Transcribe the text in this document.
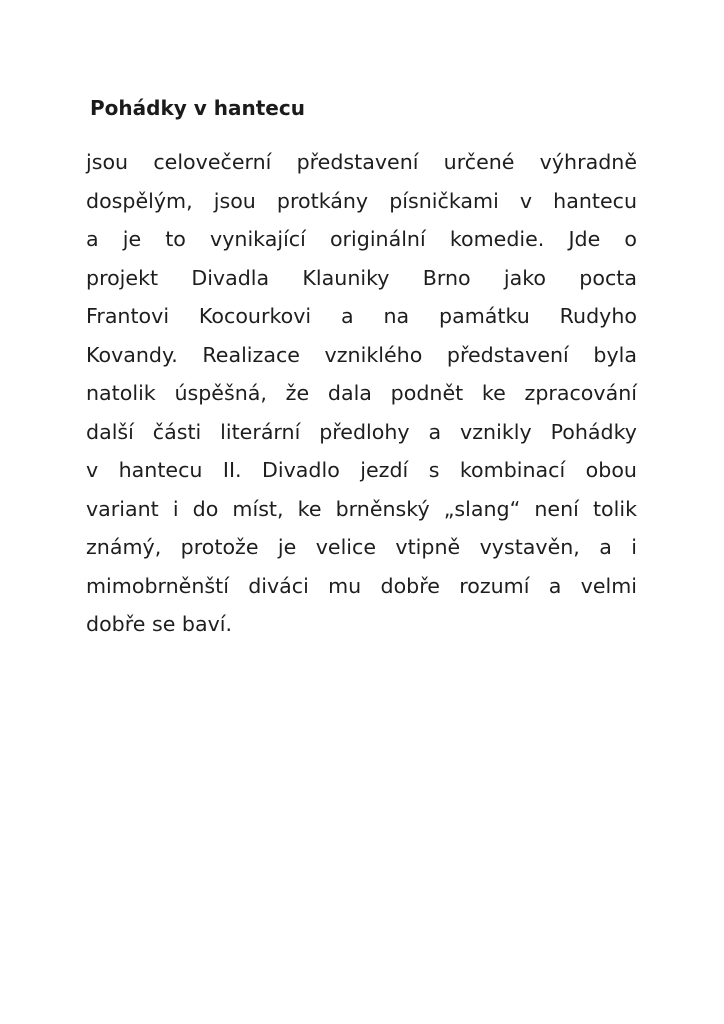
Pohádky v hantecu

jsou celovečerní představení určené výhradně
dospělým, jsou protkány písničkami v hantecu
a je to vynikající originální komedie. Jde o
projekt Divadla Klauniky Brno jako pocta
Frantovi Kocourkovi a na památku Rudyho
Kovandy. Realizace vzniklého představení byla
natolik úspěšná, že dala podnět ke zpracování
další části literární předlohy a vznikly Pohádky
v hantecu II. Divadlo jezdí s kombinací obou
variant i do míst, ke brněnský „slang“ není tolik
známý, protože je velice vtipně vystavěn, a i
mimobrněnští diváci mu dobře rozumí a velmi
dobře se baví.
